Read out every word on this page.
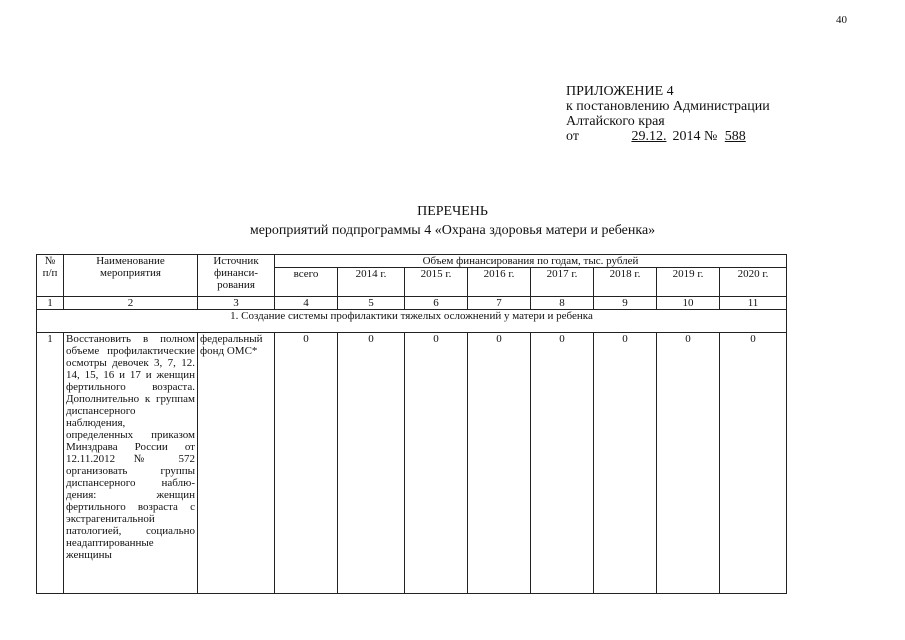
40
ПРИЛОЖЕНИЕ 4
к постановлению Администрации
Алтайского края
от	29.12. 2014 № 588
ПЕРЕЧЕНЬ
мероприятий подпрограммы 4 «Охрана здоровья матери и ребенка»
№ п/п	Наименование мероприятия	Источник финанси-рования	Объем финансирования по годам, тыс. рублей							
			всего	2014 г.	2015 г.	2016 г.	2017 г.	2018 г.	2019 г.	2020 г.
1	2	3	4	5	6	7	8	9	10	11
1. Создание системы профилактики тяжелых осложнений у матери и ребенка										
1	Восстановить в полном объеме профилактические осмотры девочек 3, 7, 12. 14, 15, 16 и 17 и женщин фертильного возраста. Дополнительно к группам диспансерного наблюдения, определенных приказом Минздрава России от 12.11.2012 № 572 организовать группы диспансерного наблю-дения: женщин фертильного возраста с экстрагенитальной патологией, социально неадаптированные женщины	федеральный фонд ОМС*	0	0	0	0	0	0	0	0
